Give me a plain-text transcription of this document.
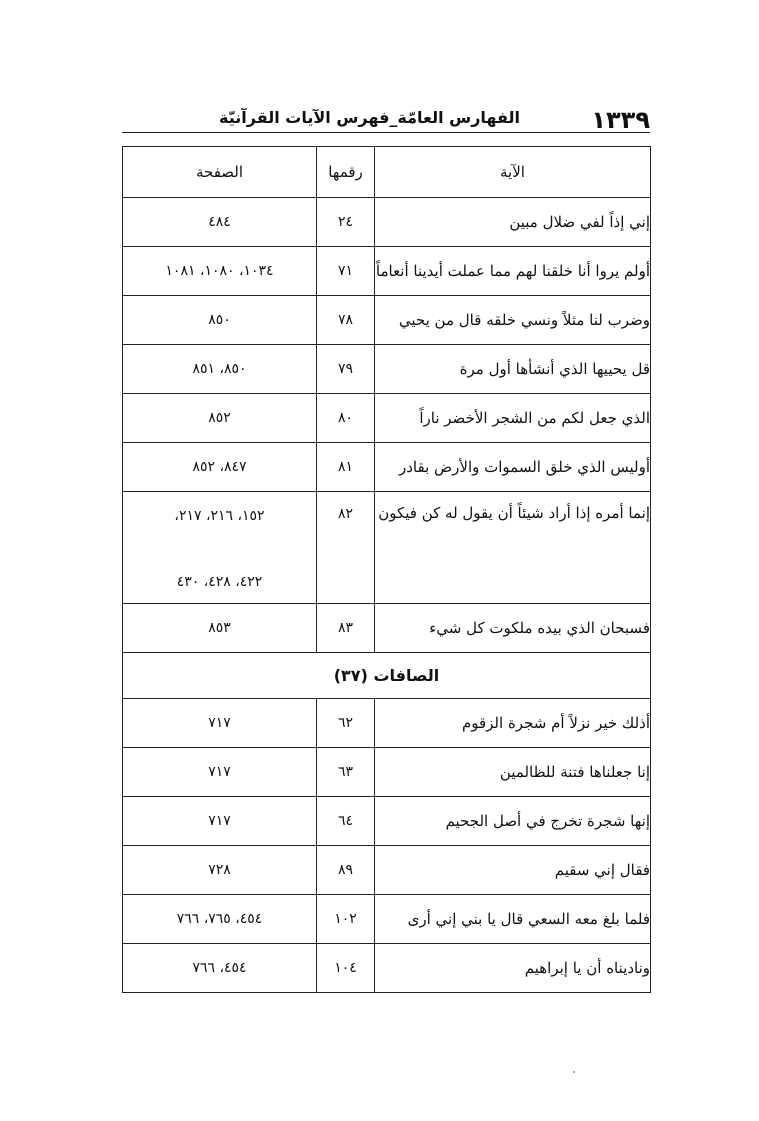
١٣٣٩
الفهارس العامّة_فهرس الآيات القرآنيّة
الآية	رقمها	الصفحة
إني إذاً لفي ضلال مبين	٢٤	٤٨٤
أولم يروا أنا خلقنا لهم مما عملت أيدينا أنعاماً	٧١	١٠٣٤، ١٠٨٠، ١٠٨١
وضرب لنا مثلاً ونسي خلقه قال من يحيي	٧٨	٨٥٠
قل يحييها الذي أنشأها أول مرة	٧٩	٨٥٠، ٨٥١
الذي جعل لكم من الشجر الأخضر ناراً	٨٠	٨٥٢
أوليس الذي خلق السموات والأرض بقادر	٨١	٨٤٧، ٨٥٢
إنما أمره إذا أراد شيئاً أن يقول له كن فيكون	٨٢	١٥٢، ٢١٦، ٢١٧،
		٤٢٢، ٤٢٨، ٤٣٠
فسبحان الذي بيده ملكوت كل شيء	٨٣	٨٥٣
الصافات (٣٧)		
أذلك خير نزلاً أم شجرة الزقوم	٦٢	٧١٧
إنا جعلناها فتنة للظالمين	٦٣	٧١٧
إنها شجرة تخرج في أصل الجحيم	٦٤	٧١٧
فقال إني سقيم	٨٩	٧٢٨
فلما بلغ معه السعي قال يا بني إني أرى	١٠٢	٤٥٤، ٧٦٥، ٧٦٦
وناديناه أن يا إبراهيم	١٠٤	٤٥٤، ٧٦٦
